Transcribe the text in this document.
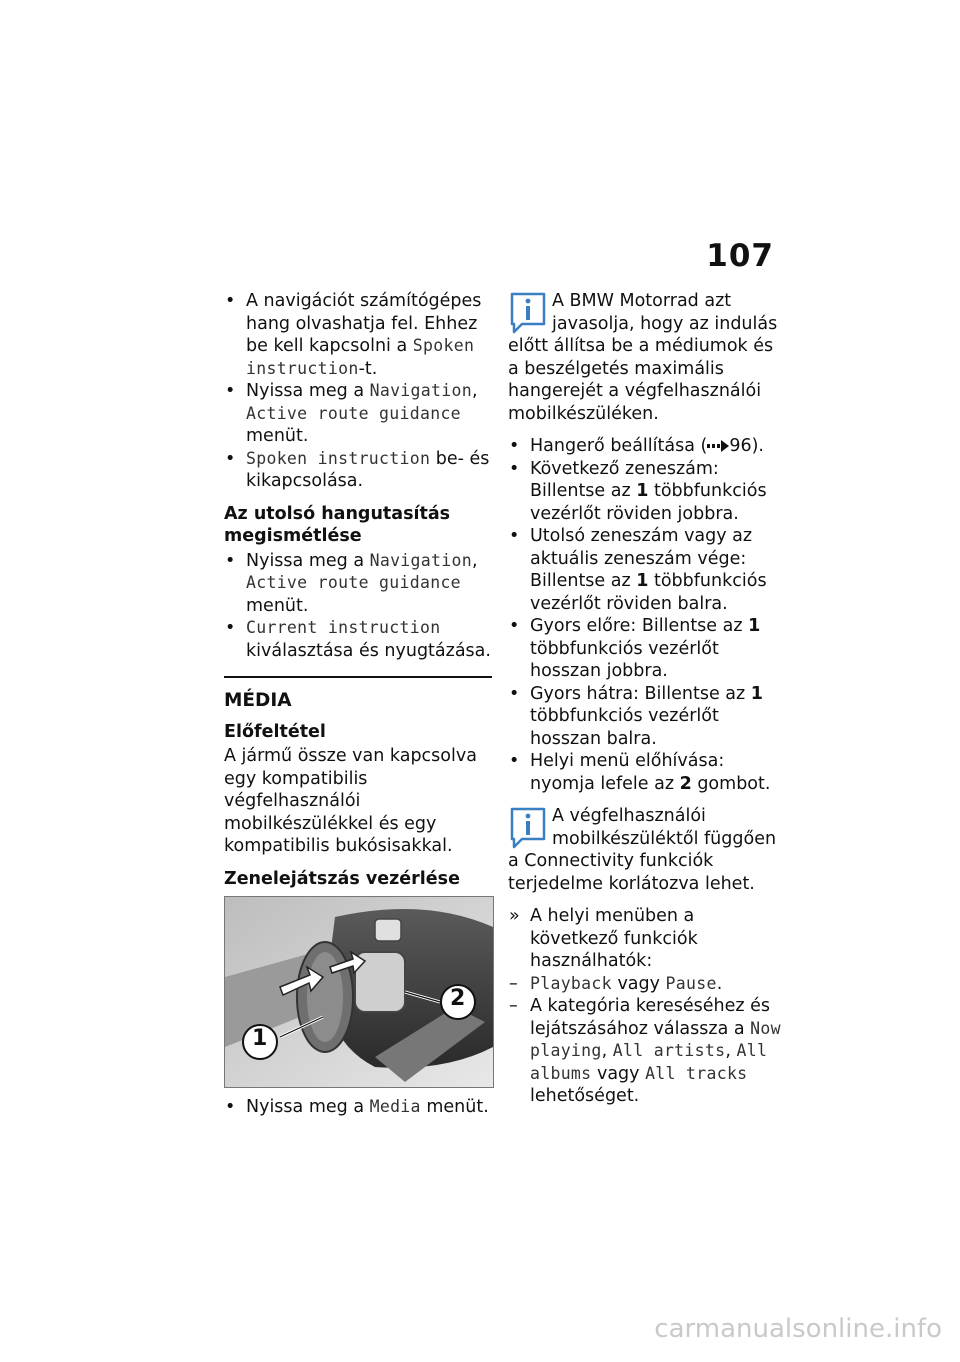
107

• A navigációt számítógépes hang olvashatja fel. Ehhez be kell kapcsolni a Spoken instruction-t.

• Nyissa meg a Navigation, Active route guidance menüt.

• Spoken instruction be- és kikapcsolása.

Az utolsó hangutasítás megismétlése

• Nyissa meg a Navigation, Active route guidance menüt.

• Current instruction kiválasztása és nyugtázása.

MÉDIA
Előfeltétel

A jármű össze van kapcsolva egy kompatibilis végfelhasználói mobilkészülékkel és egy kompatibilis bukósisakkal.

Zenelejátszás vezérlése
1
2

• Nyissa meg a Media menüt.

A BMW Motorrad azt javasolja, hogy az indulás előtt állítsa be a médiumok és a beszélgetés maximális hangerejét a végfelhasználói mobilkészüléken.

• Hangerő beállítása ( 96).

• Következő zeneszám: Billentse az 1 többfunkciós vezérlőt röviden jobbra.

• Utolsó zeneszám vagy az aktuális zeneszám vége: Billentse az 1 többfunkciós vezérlőt röviden balra.

• Gyors előre: Billentse az 1 többfunkciós vezérlőt hosszan jobbra.

• Gyors hátra: Billentse az 1 többfunkciós vezérlőt hosszan balra.

• Helyi menü előhívása: nyomja lefele az 2 gombot.

A végfelhasználói mobilkészüléktől függően a Connectivity funkciók terjedelme korlátozva lehet.

» A helyi menüben a következő funkciók használhatók:

– Playback vagy Pause.

– A kategória kereséséhez és lejátszásához válassza a Now playing, All artists, All albums vagy All tracks lehetőséget.

carmanualsonline.info
